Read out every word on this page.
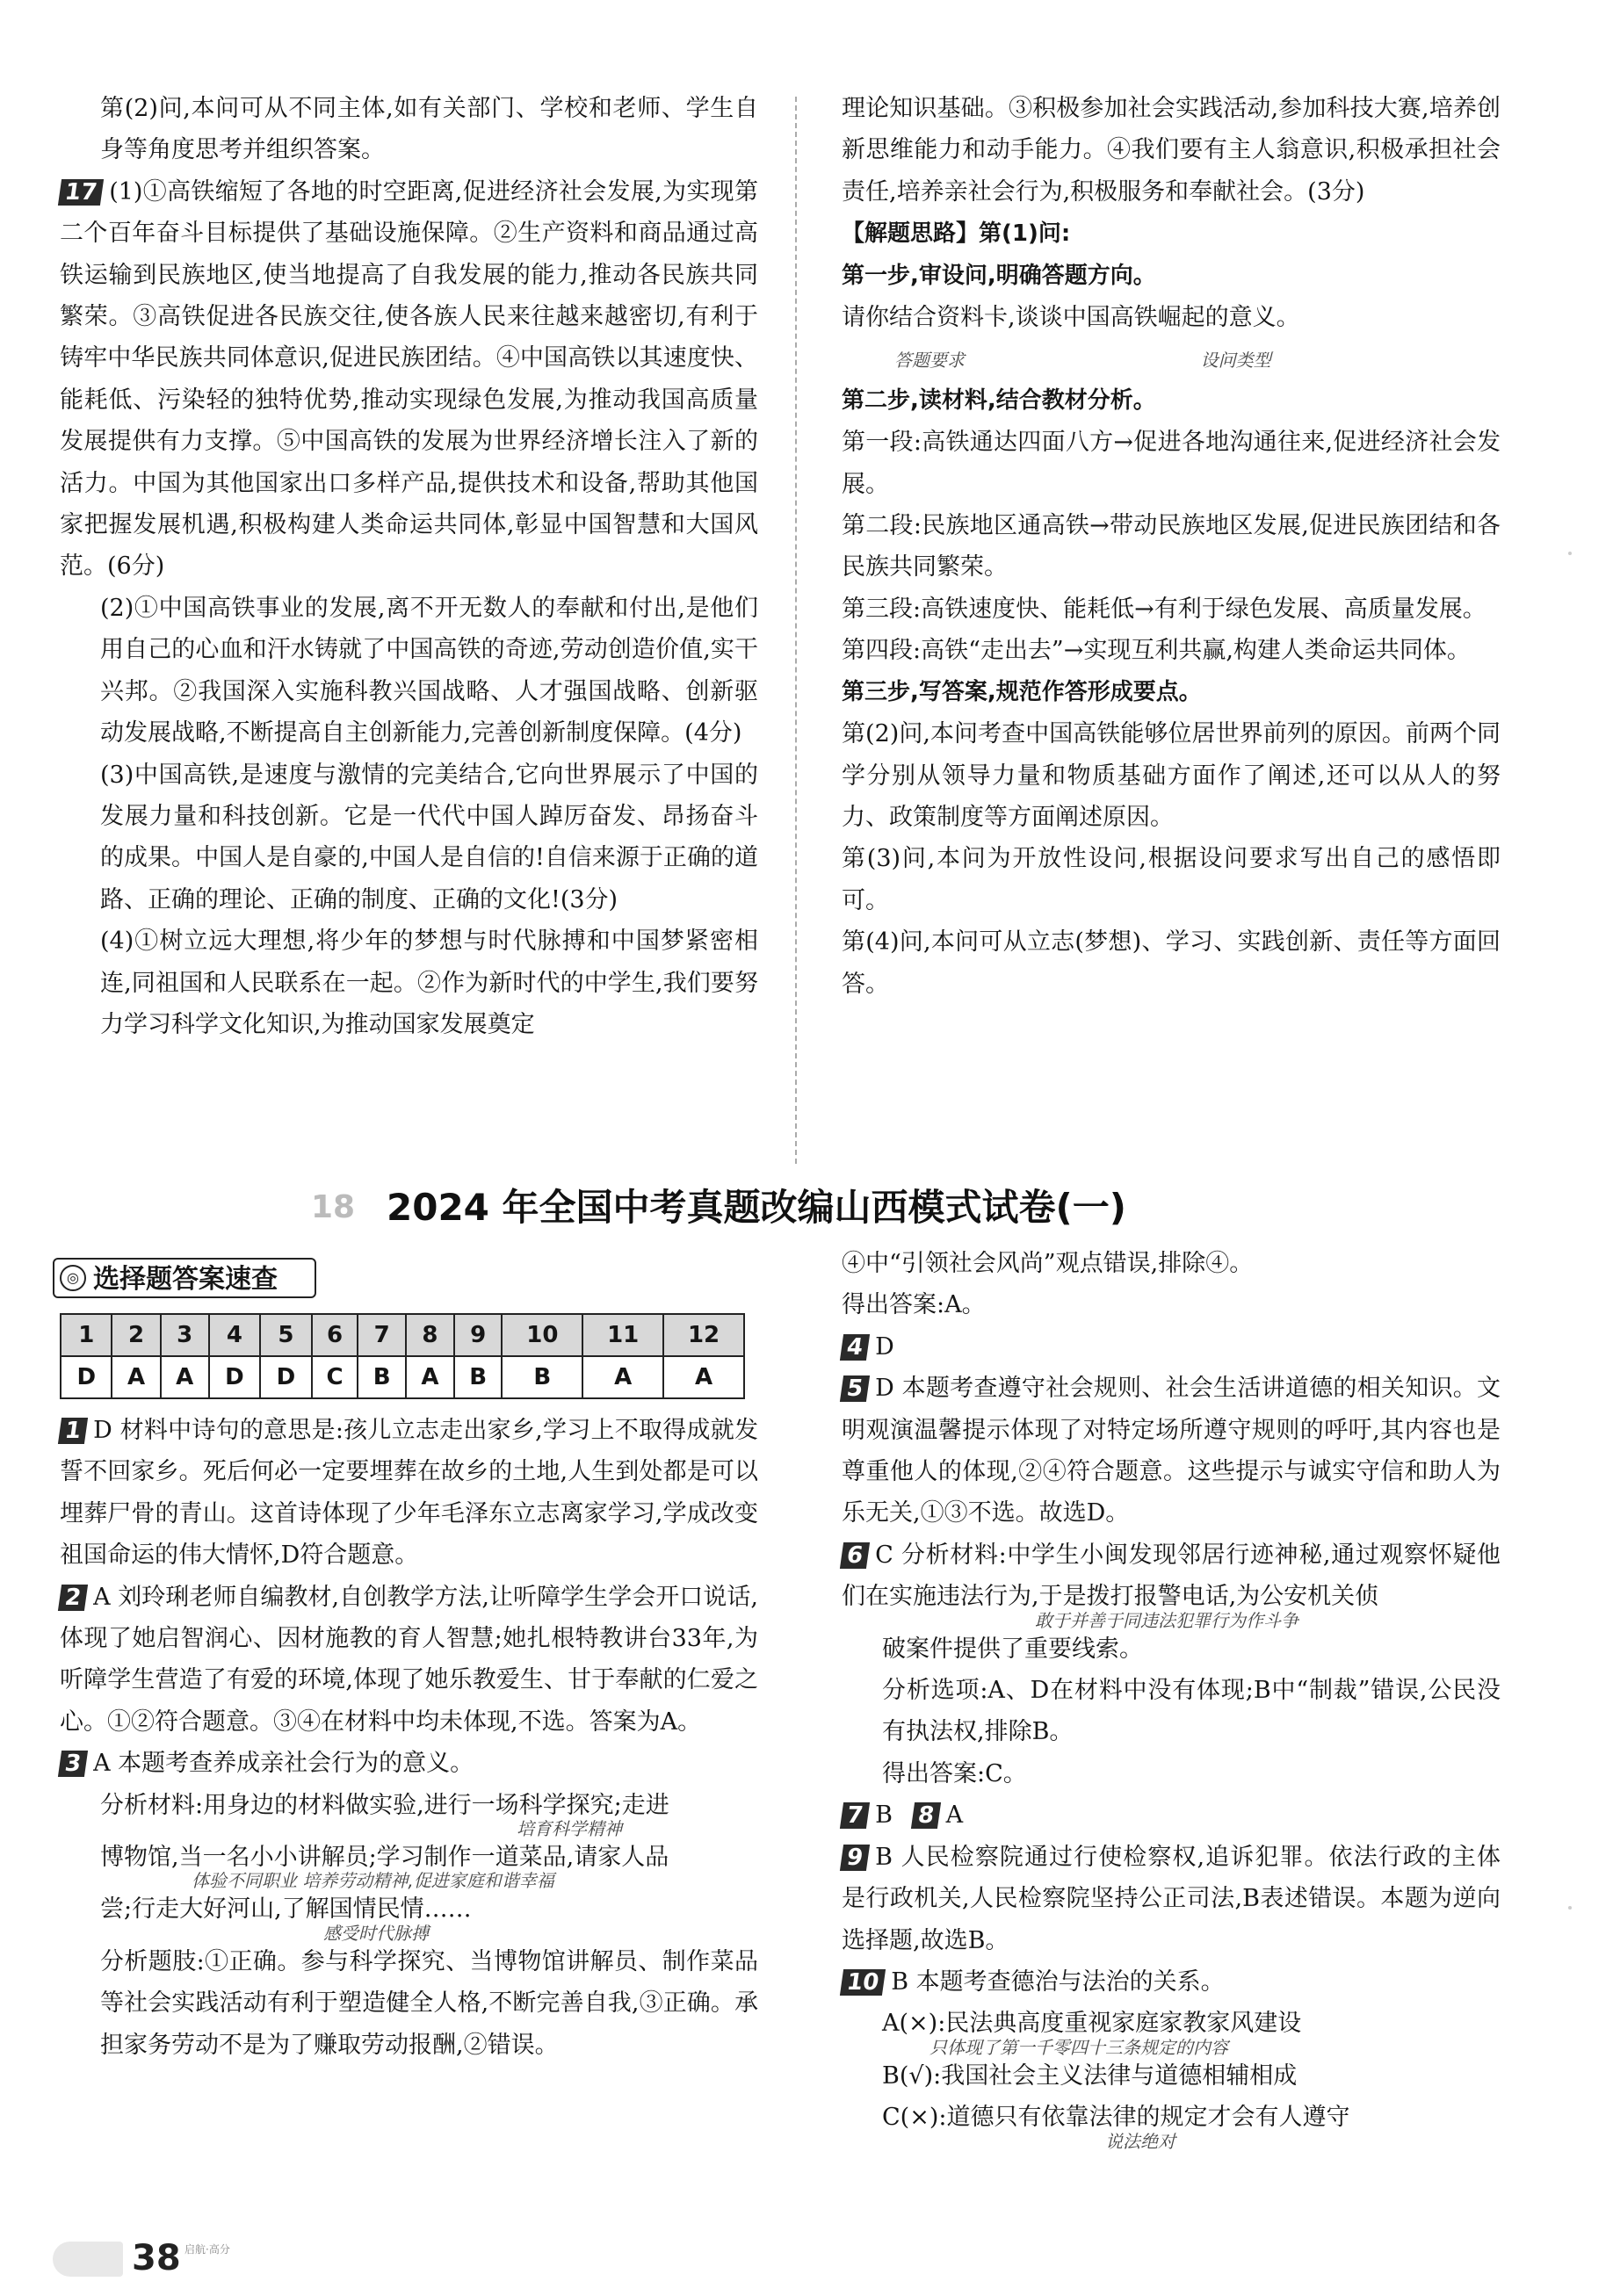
第(2)问,本问可从不同主体,如有关部门、学校和老师、学生自身等角度思考并组织答案。

17 (1)①高铁缩短了各地的时空距离,促进经济社会发展,为实现第二个百年奋斗目标提供了基础设施保障。②生产资料和商品通过高铁运输到民族地区,使当地提高了自我发展的能力,推动各民族共同繁荣。③高铁促进各民族交往,使各族人民来往越来越密切,有利于铸牢中华民族共同体意识,促进民族团结。④中国高铁以其速度快、能耗低、污染轻的独特优势,推动实现绿色发展,为推动我国高质量发展提供有力支撑。⑤中国高铁的发展为世界经济增长注入了新的活力。中国为其他国家出口多样产品,提供技术和设备,帮助其他国家把握发展机遇,积极构建人类命运共同体,彰显中国智慧和大国风范。(6分)

(2)①中国高铁事业的发展,离不开无数人的奉献和付出,是他们用自己的心血和汗水铸就了中国高铁的奇迹,劳动创造价值,实干兴邦。②我国深入实施科教兴国战略、人才强国战略、创新驱动发展战略,不断提高自主创新能力,完善创新制度保障。(4分)

(3)中国高铁,是速度与激情的完美结合,它向世界展示了中国的发展力量和科技创新。它是一代代中国人踔厉奋发、昂扬奋斗的成果。中国人是自豪的,中国人是自信的!自信来源于正确的道路、正确的理论、正确的制度、正确的文化!(3分)

(4)①树立远大理想,将少年的梦想与时代脉搏和中国梦紧密相连,同祖国和人民联系在一起。②作为新时代的中学生,我们要努力学习科学文化知识,为推动国家发展奠定

理论知识基础。③积极参加社会实践活动,参加科技大赛,培养创新思维能力和动手能力。④我们要有主人翁意识,积极承担社会责任,培养亲社会行为,积极服务和奉献社会。(3分)

【解题思路】第(1)问:

第一步,审设问,明确答题方向。

请你结合资料卡,谈谈中国高铁崛起的意义。

答题要求	设问类型

第二步,读材料,结合教材分析。

第一段:高铁通达四面八方→促进各地沟通往来,促进经济社会发展。

第二段:民族地区通高铁→带动民族地区发展,促进民族团结和各民族共同繁荣。

第三段:高铁速度快、能耗低→有利于绿色发展、高质量发展。

第四段:高铁“走出去”→实现互利共赢,构建人类命运共同体。

第三步,写答案,规范作答形成要点。

第(2)问,本问考查中国高铁能够位居世界前列的原因。前两个同学分别从领导力量和物质基础方面作了阐述,还可以从人的努力、政策制度等方面阐述原因。

第(3)问,本问为开放性设问,根据设问要求写出自己的感悟即可。

第(4)问,本问可从立志(梦想)、学习、实践创新、责任等方面回答。

18 2024 年全国中考真题改编山西模式试卷(一)
◎ 选择题答案速查
1	2	3	4	5	6	7	8	9	10	11	12
D	A	A	D	D	C	B	A	B	B	A	A

1 D 材料中诗句的意思是:孩儿立志走出家乡,学习上不取得成就发誓不回家乡。死后何必一定要埋葬在故乡的土地,人生到处都是可以埋葬尸骨的青山。这首诗体现了少年毛泽东立志离家学习,学成改变祖国命运的伟大情怀,D符合题意。

2 A 刘玲琍老师自编教材,自创教学方法,让听障学生学会开口说话,体现了她启智润心、因材施教的育人智慧;她扎根特教讲台33年,为听障学生营造了有爱的环境,体现了她乐教爱生、甘于奉献的仁爱之心。①②符合题意。③④在材料中均未体现,不选。答案为A。

3 A 本题考查养成亲社会行为的意义。

分析材料:用身边的材料做实验,进行一场科学探究;走进

培育科学精神

博物馆,当一名小小讲解员;学习制作一道菜品,请家人品

体验不同职业 培养劳动精神,促进家庭和谐幸福

尝;行走大好河山,了解国情民情……

感受时代脉搏

分析题肢:①正确。参与科学探究、当博物馆讲解员、制作菜品等社会实践活动有利于塑造健全人格,不断完善自我,③正确。承担家务劳动不是为了赚取劳动报酬,②错误。

④中“引领社会风尚”观点错误,排除④。

得出答案:A。

4 D

5 D 本题考查遵守社会规则、社会生活讲道德的相关知识。文明观演温馨提示体现了对特定场所遵守规则的呼吁,其内容也是尊重他人的体现,②④符合题意。这些提示与诚实守信和助人为乐无关,①③不选。故选D。

6 C 分析材料:中学生小闽发现邻居行迹神秘,通过观察怀疑他们在实施违法行为,于是拨打报警电话,为公安机关侦

敢于并善于同违法犯罪行为作斗争

破案件提供了重要线索。

分析选项:A、D在材料中没有体现;B中“制裁”错误,公民没有执法权,排除B。

得出答案:C。

7 B 8 A

9 B 人民检察院通过行使检察权,追诉犯罪。依法行政的主体是行政机关,人民检察院坚持公正司法,B表述错误。本题为逆向选择题,故选B。

10 B 本题考查德治与法治的关系。

A(×):民法典高度重视家庭家教家风建设

只体现了第一千零四十三条规定的内容

B(√):我国社会主义法律与道德相辅相成

C(×):道德只有依靠法律的规定才会有人遵守

说法绝对
38 启航·高分
